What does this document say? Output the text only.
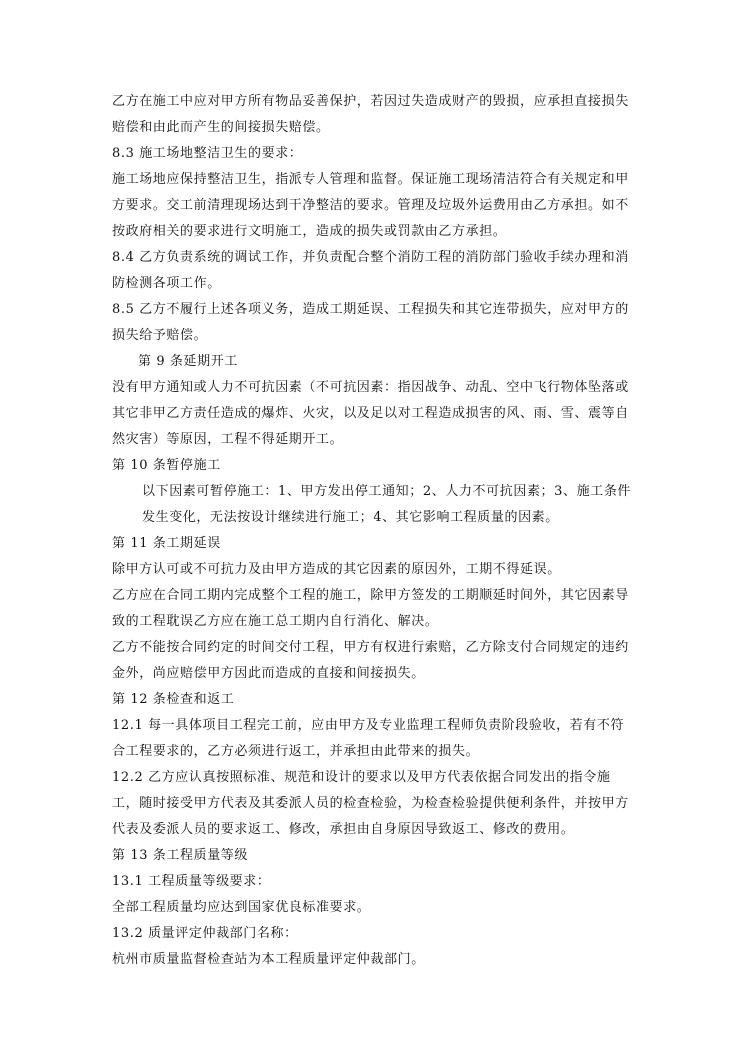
乙方在施工中应对甲方所有物品妥善保护，若因过失造成财产的毁损，应承担直接损失赔偿和由此而产生的间接损失赔偿。

8.3 施工场地整洁卫生的要求：

施工场地应保持整洁卫生，指派专人管理和监督。保证施工现场清洁符合有关规定和甲方要求。交工前清理现场达到干净整洁的要求。管理及垃圾外运费用由乙方承担。如不按政府相关的要求进行文明施工，造成的损失或罚款由乙方承担。

8.4 乙方负责系统的调试工作，并负责配合整个消防工程的消防部门验收手续办理和消防检测各项工作。

8.5 乙方不履行上述各项义务，造成工期延误、工程损失和其它连带损失，应对甲方的损失给予赔偿。

第 9 条延期开工

没有甲方通知或人力不可抗因素（不可抗因素：指因战争、动乱、空中飞行物体坠落或其它非甲乙方责任造成的爆炸、火灾，以及足以对工程造成损害的风、雨、雪、震等自然灾害）等原因，工程不得延期开工。

第 10 条暂停施工

以下因素可暂停施工：1、甲方发出停工通知；2、人力不可抗因素；3、施工条件发生变化，无法按设计继续进行施工；4、其它影响工程质量的因素。

第 11 条工期延误

除甲方认可或不可抗力及由甲方造成的其它因素的原因外，工期不得延误。

乙方应在合同工期内完成整个工程的施工，除甲方签发的工期顺延时间外，其它因素导致的工程耽误乙方应在施工总工期内自行消化、解决。

乙方不能按合同约定的时间交付工程，甲方有权进行索赔，乙方除支付合同规定的违约金外，尚应赔偿甲方因此而造成的直接和间接损失。

第 12 条检查和返工

12.1 每一具体项目工程完工前，应由甲方及专业监理工程师负责阶段验收，若有不符合工程要求的，乙方必须进行返工，并承担由此带来的损失。

12.2 乙方应认真按照标准、规范和设计的要求以及甲方代表依据合同发出的指令施工，随时接受甲方代表及其委派人员的检查检验，为检查检验提供便利条件，并按甲方代表及委派人员的要求返工、修改，承担由自身原因导致返工、修改的费用。

第 13 条工程质量等级

13.1 工程质量等级要求：

全部工程质量均应达到国家优良标准要求。

13.2 质量评定仲裁部门名称：

杭州市质量监督检查站为本工程质量评定仲裁部门。
